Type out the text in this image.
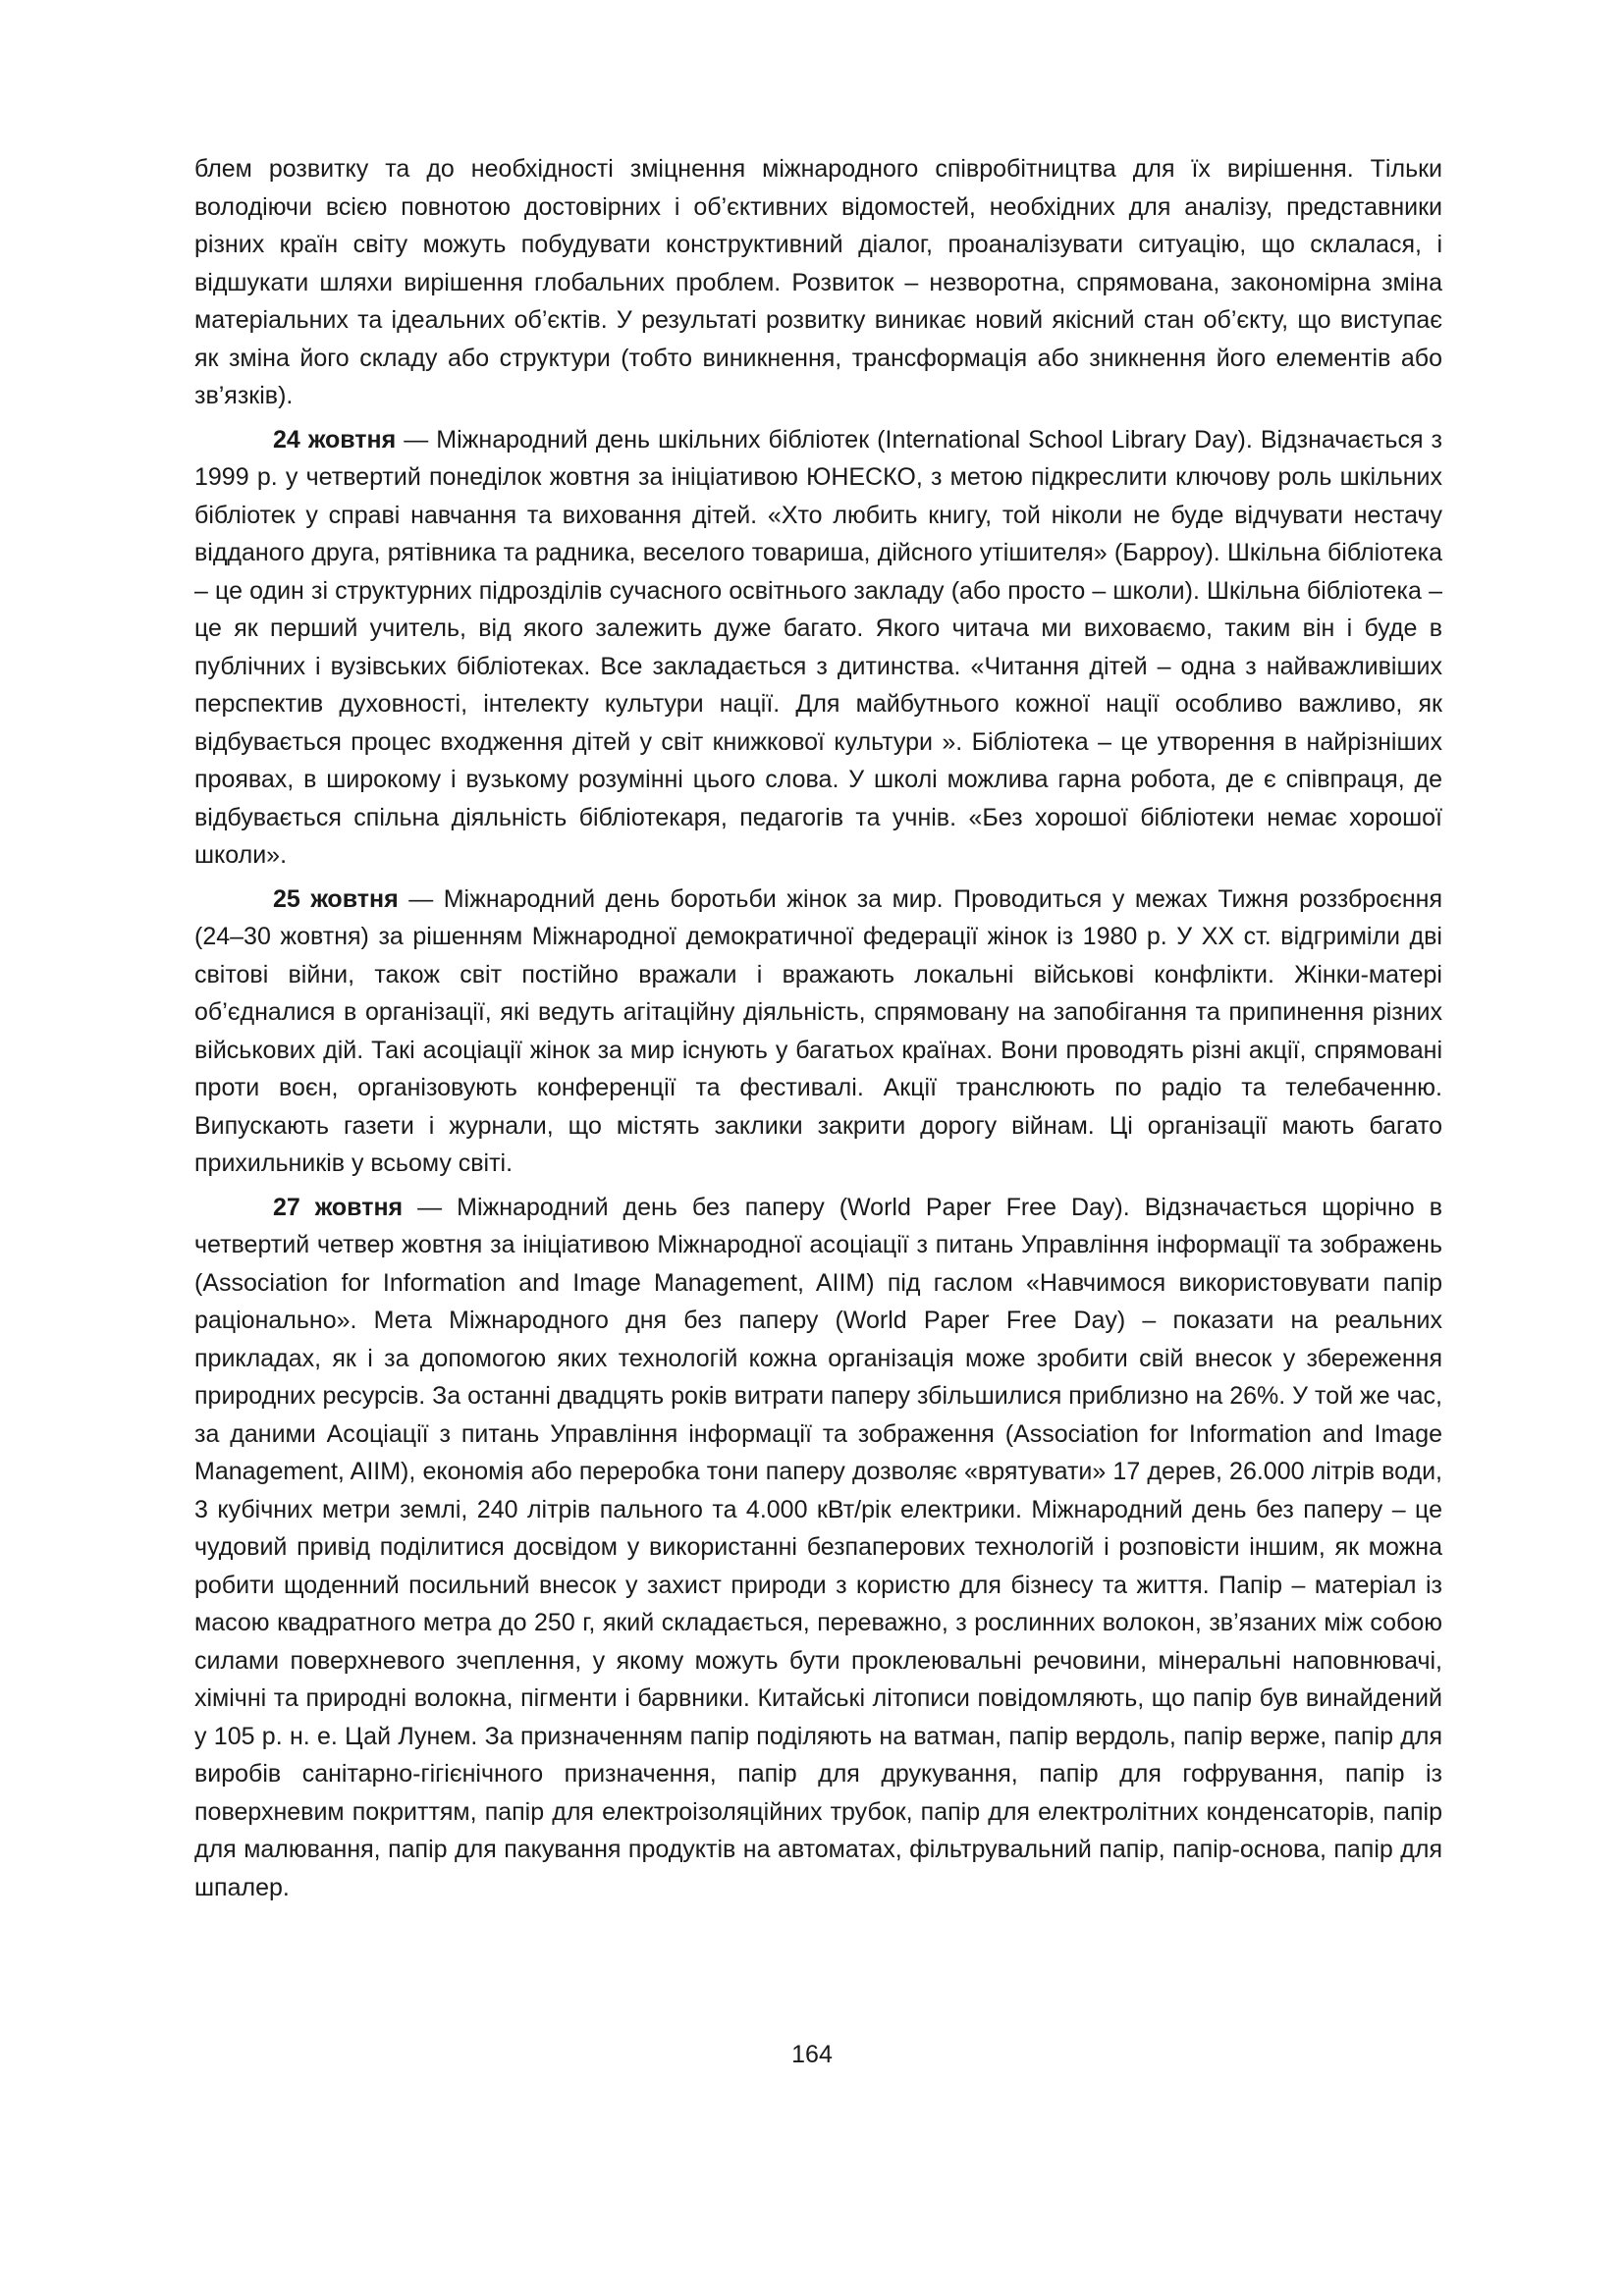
блем розвитку та до необхідності зміцнення міжнародного співробітництва для їх вирішення. Тільки володіючи всією повнотою достовірних і об’єктивних відомостей, необхідних для аналізу, представники різних країн світу можуть побудувати конструктивний діалог, проаналізувати ситуацію, що склалася, і відшукати шляхи вирішення глобальних проблем. Розвиток – незворотна, спрямована, закономірна зміна матеріальних та ідеальних об’єктів. У результаті розвитку виникає новий якісний стан об’єкту, що виступає як зміна його складу або структури (тобто виникнення, трансформація або зникнення його елементів або зв’язків).

24 жовтня — Міжнародний день шкільних бібліотек (International School Library Day). Відзначається з 1999 р. у четвертий понеділок жовтня за ініціативою ЮНЕСКО, з метою підкреслити ключову роль шкільних бібліотек у справі навчання та виховання дітей. «Хто любить книгу, той ніколи не буде відчувати нестачу відданого друга, рятівника та радника, веселого товариша, дійсного утішителя» (Барроу). Шкільна бібліотека – це один зі структурних підрозділів сучасного освітнього закладу (або просто – школи). Шкільна бібліотека – це як перший учитель, від якого залежить дуже багато. Якого читача ми виховаємо, таким він і буде в публічних і вузівських бібліотеках. Все закладається з дитинства. «Читання дітей – одна з найважливіших перспектив духовності, інтелекту культури нації. Для майбутнього кожної нації особливо важливо, як відбувається процес входження дітей у світ книжкової культури ». Бібліотека – це утворення в найрізніших проявах, в широкому і вузькому розумінні цього слова. У школі можлива гарна робота, де є співпраця, де відбувається спільна діяльність бібліотекаря, педагогів та учнів. «Без хорошої бібліотеки немає хорошої школи».

25 жовтня — Міжнародний день боротьби жінок за мир. Проводиться у межах Тижня роззброєння (24–30 жовтня) за рішенням Міжнародної демократичної федерації жінок із 1980 р. У XX ст. відгриміли дві світові війни, також світ постійно вражали і вражають локальні військові конфлікти. Жінки-матері об’єдналися в організації, які ведуть агітаційну діяльність, спрямовану на запобігання та припинення різних військових дій. Такі асоціації жінок за мир існують у багатьох країнах. Вони проводять різні акції, спрямовані проти воєн, організовують конференції та фестивалі. Акції транслюють по радіо та телебаченню. Випускають газети і журнали, що містять заклики закрити дорогу війнам. Ці організації мають багато прихильників у всьому світі.

27 жовтня — Міжнародний день без паперу (World Paper Free Day). Відзначається щорічно в четвертий четвер жовтня за ініціативою Міжнародної асоціації з питань Управління інформації та зображень (Association for Information and Image Management, AIIM) під гаслом «Навчимося використовувати папір раціонально». Мета Міжнародного дня без паперу (World Paper Free Day) – показати на реальних прикладах, як і за допомогою яких технологій кожна організація може зробити свій внесок у збереження природних ресурсів. За останні двадцять років витрати паперу збільшилися приблизно на 26%. У той же час, за даними Асоціації з питань Управління інформації та зображення (Association for Information and Image Management, AIIM), економія або переробка тони паперу дозволяє «врятувати» 17 дерев, 26.000 літрів води, 3 кубічних метри землі, 240 літрів пального та 4.000 кВт/рік електрики. Міжнародний день без паперу – це чудовий привід поділитися досвідом у використанні безпаперових технологій і розповісти іншим, як можна робити щоденний посильний внесок у захист природи з користю для бізнесу та життя. Папір – матеріал із масою квадратного метра до 250 г, який складається, переважно, з рослинних волокон, зв’язаних між собою силами поверхневого зчеплення, у якому можуть бути проклеювальні речовини, мінеральні наповнювачі, хімічні та природні волокна, пігменти і барвники. Китайські літописи повідомляють, що папір був винайдений у 105 р. н. е. Цай Лунем. За призначенням папір поділяють на ватман, папір вердоль, папір верже, папір для виробів санітарно-гігієнічного призначення, папір для друкування, папір для гофрування, папір із поверхневим покриттям, папір для електроізоляційних трубок, папір для електролітних конденсаторів, папір для малювання, папір для пакування продуктів на автоматах, фільтрувальний папір, папір-основа, папір для шпалер.

164
